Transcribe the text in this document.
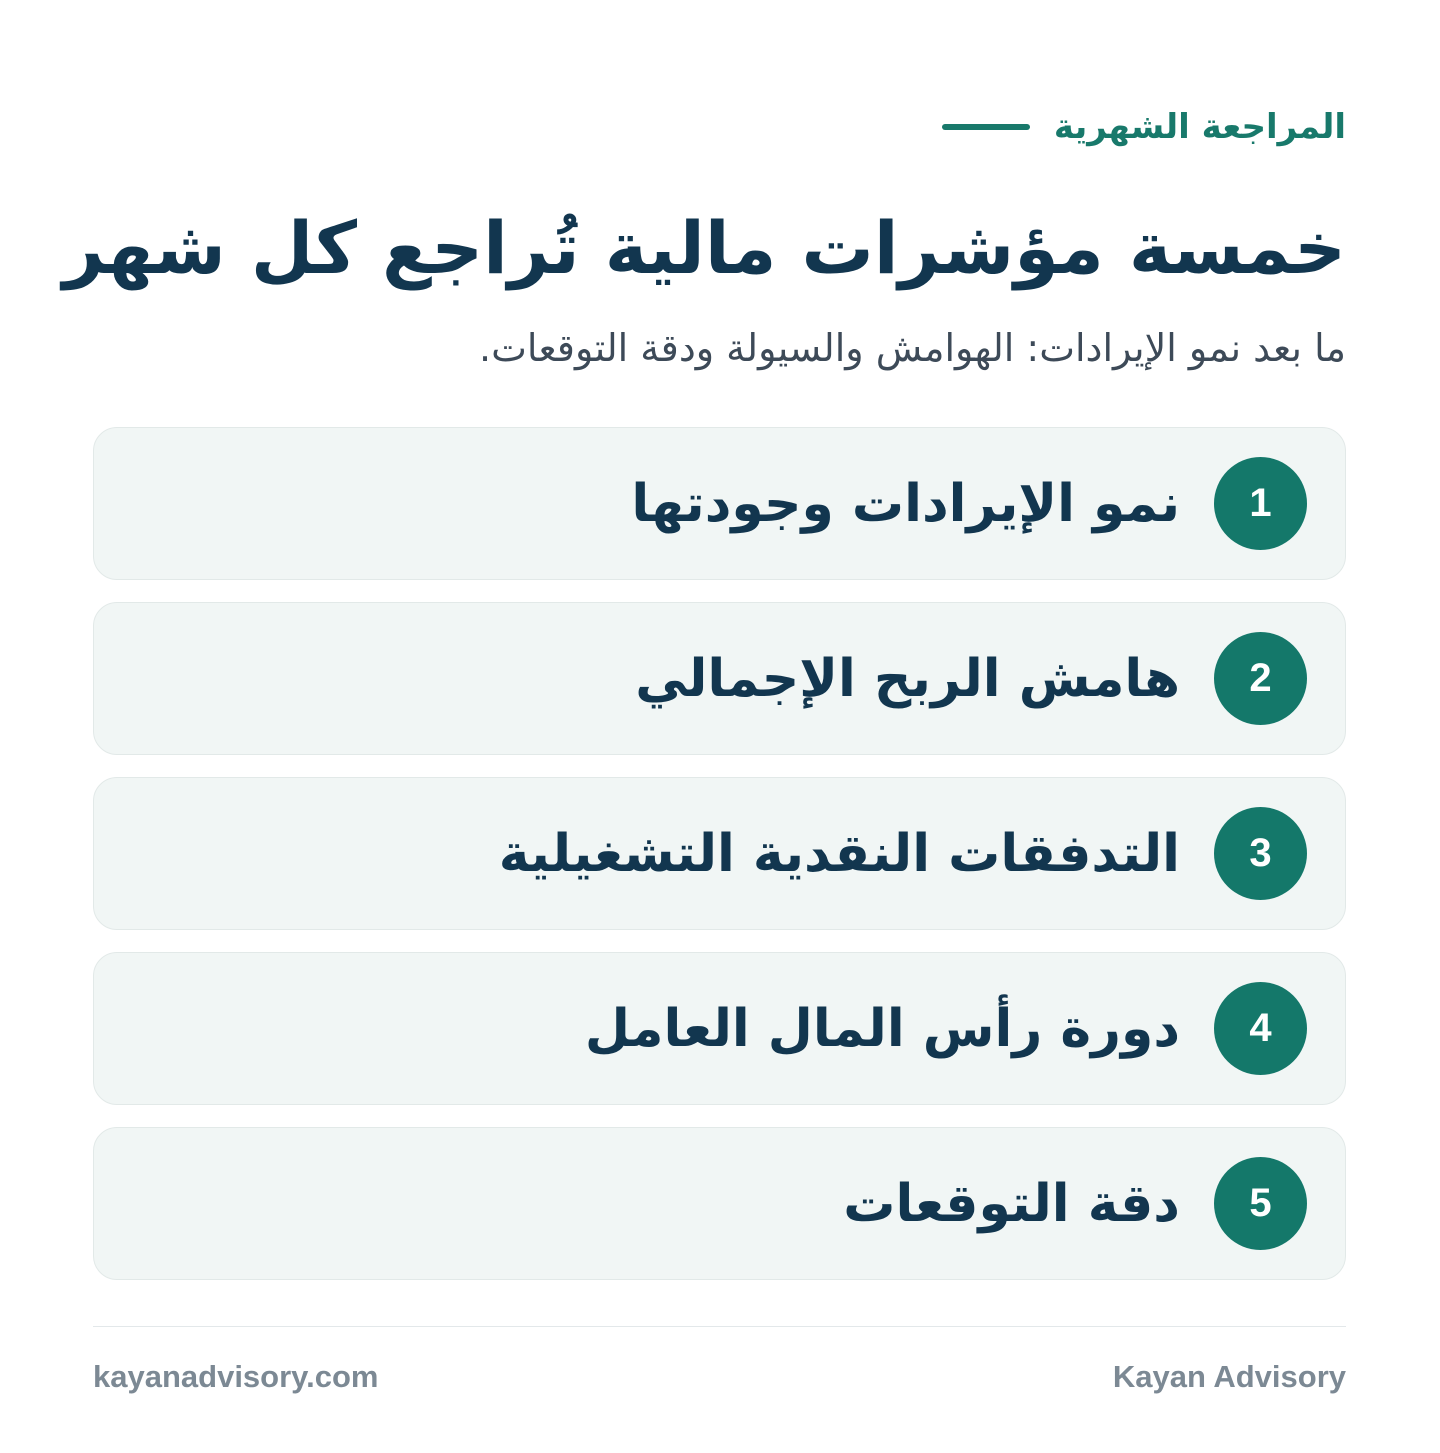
المراجعة الشهرية
خمسة مؤشرات مالية تُراجع كل شهر

ما بعد نمو الإيرادات: الهوامش والسيولة ودقة التوقعات.

1
نمو الإيرادات وجودتها
2
هامش الربح الإجمالي
3
التدفقات النقدية التشغيلية
4
دورة رأس المال العامل
5
دقة التوقعات
kayanadvisory.com	Kayan Advisory
